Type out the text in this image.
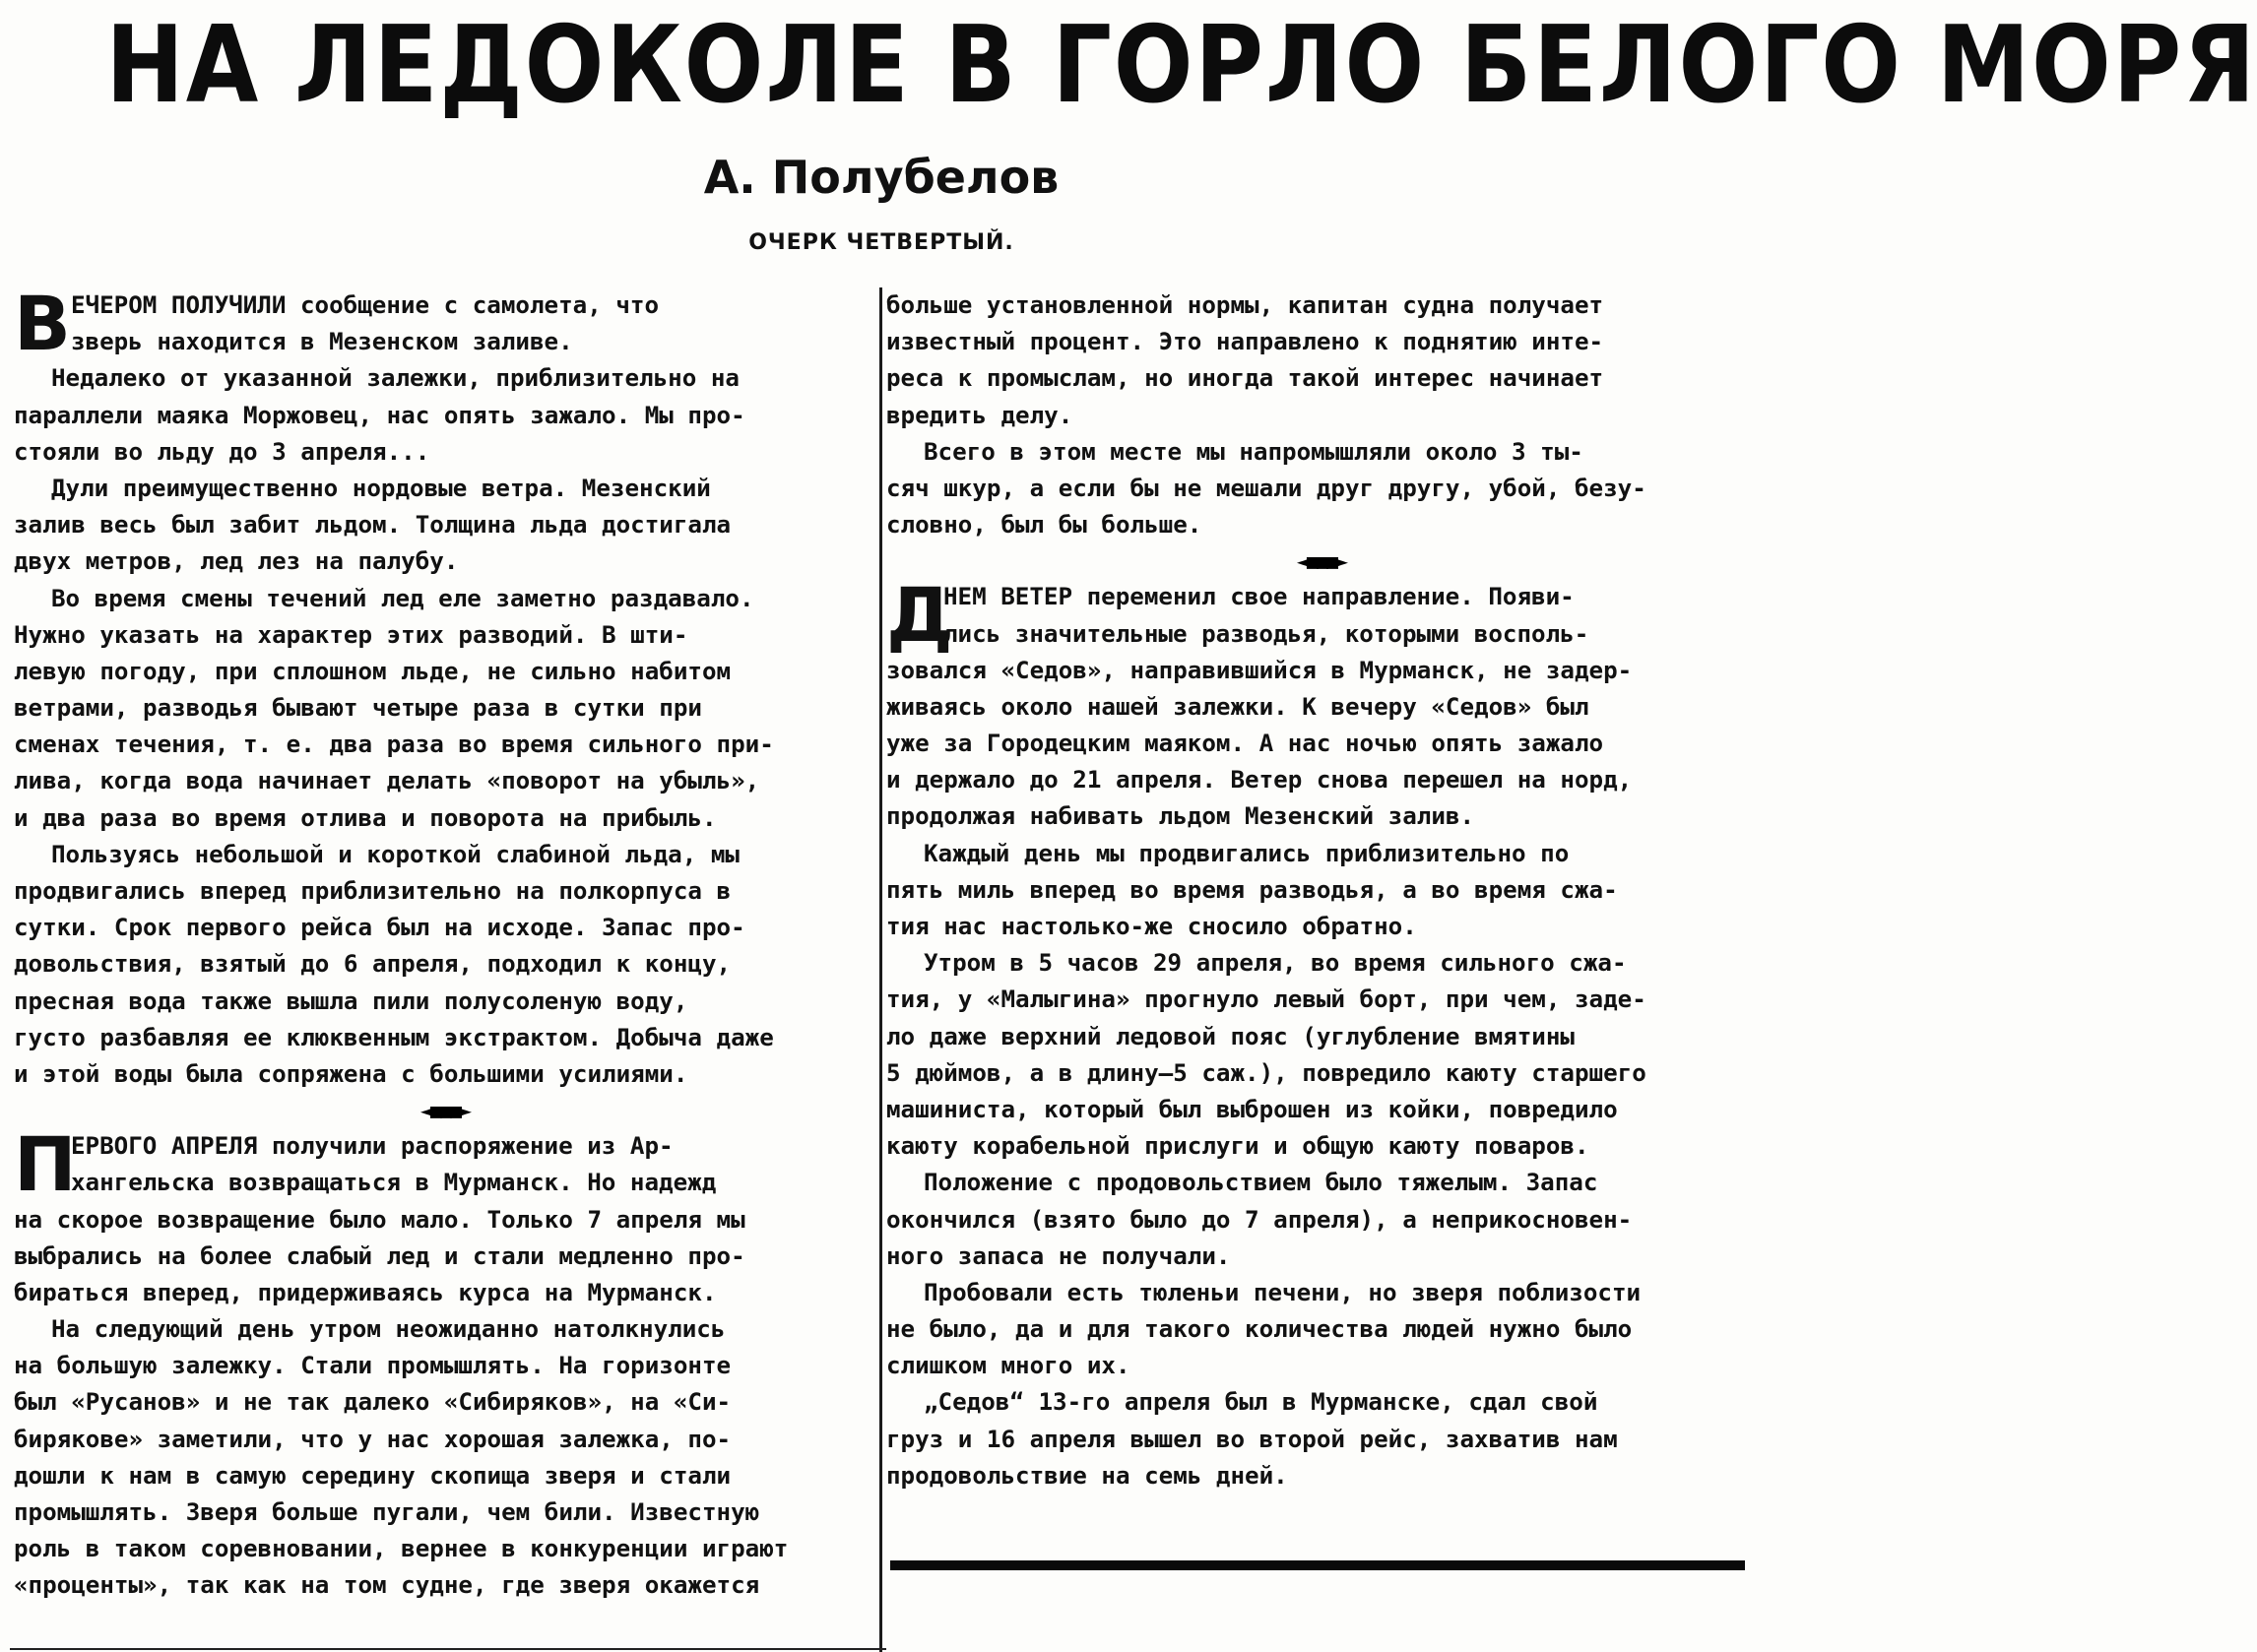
НА ЛЕДОКОЛЕ В ГОРЛО БЕЛОГО МОРЯ
А. Полубелов
ОЧЕРК ЧЕТВЕРТЫЙ.
В ЕЧЕРОМ ПОЛУЧИЛИ сообщение с самолета, что
зверь находится в Мезенском заливе.
Недалеко от указанной залежки, приблизительно на
параллели маяка Моржовец, нас опять зажало. Мы про-
стояли во льду до 3 апреля...
Дули преимущественно нордовые ветра. Мезенский
залив весь был забит льдом. Толщина льда достигала
двух метров, лед лез на палубу.
Во время смены течений лед еле заметно раздавало.
Нужно указать на характер этих разводий. В шти-
левую погоду, при сплошном льде, не сильно набитом
ветрами, разводья бывают четыре раза в сутки при
сменах течения, т. е. два раза во время сильного при-
лива, когда вода начинает делать «поворот на убыль»,
и два раза во время отлива и поворота на прибыль.
Пользуясь небольшой и короткой слабиной льда, мы
продвигались вперед приблизительно на полкорпуса в
сутки. Срок первого рейса был на исходе. Запас про-
довольствия, взятый до 6 апреля, подходил к концу,
пресная вода также вышла пили полусоленую воду,
густо разбавляя ее клюквенным экстрактом. Добыча даже
и этой воды была сопряжена с большими усилиями.
◄■■■►
П
ЕРВОГО АПРЕЛЯ получили распоряжение из Ар-
хангельска возвращаться в Мурманск. Но надежд
на скорое возвращение было мало. Только 7 апреля мы
выбрались на более слабый лед и стали медленно про-
бираться вперед, придерживаясь курса на Мурманск.
На следующий день утром неожиданно натолкнулись
на большую залежку. Стали промышлять. На горизонте
был «Русанов» и не так далеко «Сибиряков», на «Си-
бирякове» заметили, что у нас хорошая залежка, по-
дошли к нам в самую середину скопища зверя и стали
промышлять. Зверя больше пугали, чем били. Известную
роль в таком соревновании, вернее в конкуренции играют
«проценты», так как на том судне, где зверя окажется
больше установленной нормы, капитан судна получает
известный процент. Это направлено к поднятию инте-
реса к промыслам, но иногда такой интерес начинает
вредить делу.
Всего в этом месте мы напромышляли около 3 ты-
сяч шкур, а если бы не мешали друг другу, убой, безу-
словно, был бы больше.
◄■■■►
Д
НЕМ ВЕТЕР переменил свое направление. Появи-
лись значительные разводья, которыми восполь-
зовался «Седов», направившийся в Мурманск, не задер-
живаясь около нашей залежки. К вечеру «Седов» был
уже за Городецким маяком. А нас ночью опять зажало
и держало до 21 апреля. Ветер снова перешел на норд,
продолжая набивать льдом Мезенский залив.
Каждый день мы продвигались приблизительно по
пять миль вперед во время разводья, а во время сжа-
тия нас настолько-же сносило обратно.
Утром в 5 часов 29 апреля, во время сильного сжа-
тия, у «Малыгина» прогнуло левый борт, при чем, заде-
ло даже верхний ледовой пояс (углубление вмятины
5 дюймов, а в длину—5 саж.), повредило каюту старшего
машиниста, который был выброшен из койки, повредило
каюту корабельной прислуги и общую каюту поваров.
Положение с продовольствием было тяжелым. Запас
окончился (взято было до 7 апреля), а неприкосновен-
ного запаса не получали.
Пробовали есть тюленьи печени, но зверя поблизости
не было, да и для такого количества людей нужно было
слишком много их.
„Седов“ 13-го апреля был в Мурманске, сдал свой
груз и 16 апреля вышел во второй рейс, захватив нам
продовольствие на семь дней.
